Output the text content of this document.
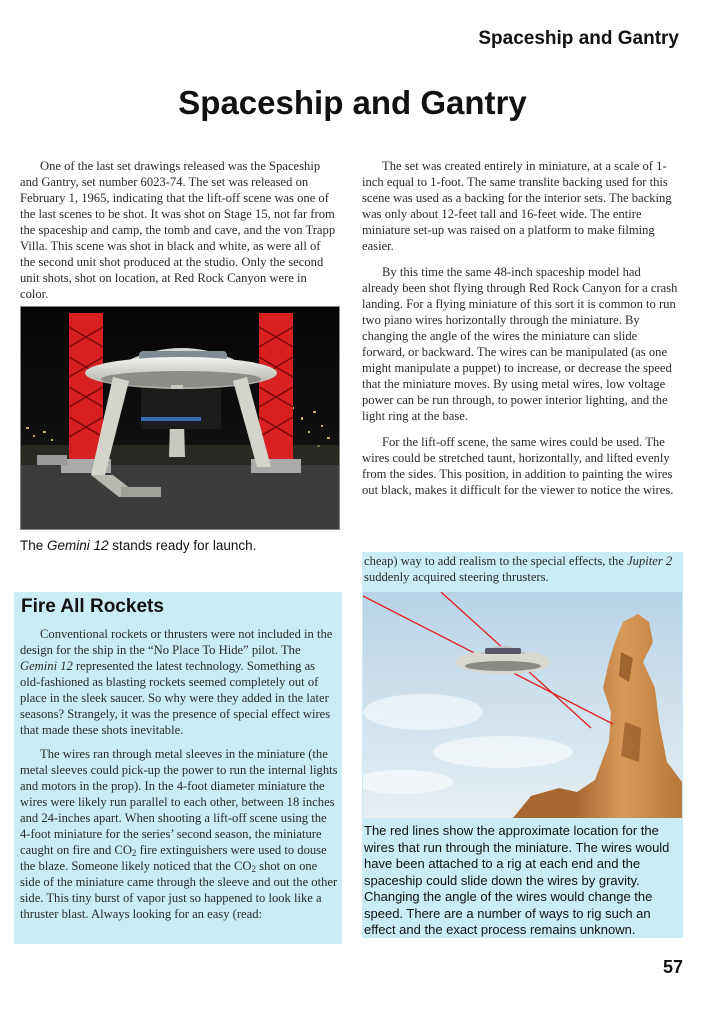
Spaceship and Gantry
Spaceship and Gantry

One of the last set drawings released was the Spaceship and Gantry, set number 6023-74. The set was released on February 1, 1965, indicating that the lift-off scene was one of the last scenes to be shot. It was shot on Stage 15, not far from the spaceship and camp, the tomb and cave, and the von Trapp Villa. This scene was shot in black and white, as were all of the second unit shot produced at the studio. Only the second unit shots, shot on location, at Red Rock Canyon were in color.

The set was created entirely in miniature, at a scale of 1-inch equal to 1-foot. The same translite backing used for this scene was used as a backing for the interior sets. The backing was only about 12-feet tall and 16-feet wide. The entire miniature set-up was raised on a platform to make filming easier.

By this time the same 48-inch spaceship model had already been shot flying through Red Rock Canyon for a crash landing. For a flying miniature of this sort it is common to run two piano wires horizontally through the miniature. By changing the angle of the wires the miniature can slide forward, or backward. The wires can be manipulated (as one might manipulate a puppet) to increase, or decrease the speed that the miniature moves. By using metal wires, low voltage power can be run through, to power interior lighting, and the light ring at the base.

For the lift-off scene, the same wires could be used. The wires could be stretched taunt, horizontally, and lifted evenly from the sides. This position, in addition to painting the wires out black, makes it difficult for the viewer to notice the wires.

The Gemini 12 stands ready for launch.
Fire All Rockets

Conventional rockets or thrusters were not included in the design for the ship in the “No Place To Hide” pilot. The Gemini 12 represented the latest technology. Something as old-fashioned as blasting rockets seemed completely out of place in the sleek saucer. So why were they added in the later seasons? Strangely, it was the presence of special effect wires that made these shots inevitable.

The wires ran through metal sleeves in the miniature (the metal sleeves could pick-up the power to run the internal lights and motors in the prop). In the 4-foot diameter miniature the wires were likely run parallel to each other, between 18 inches and 24-inches apart. When shooting a lift-off scene using the 4-foot miniature for the series’ second season, the miniature caught on fire and $CO_2$ fire extinguishers were used to douse the blaze. Someone likely noticed that the $CO_2$ shot on one side of the miniature came through the sleeve and out the other side. This tiny burst of vapor just so happened to look like a thruster blast. Always looking for an easy (read:

cheap) way to add realism to the special effects, the Jupiter 2 suddenly acquired steering thrusters.
The red lines show the approximate location for the wires that run through the miniature. The wires would have been attached to a rig at each end and the spaceship could slide down the wires by gravity. Changing the angle of the wires would change the speed. There are a number of ways to rig such an effect and the exact process remains unknown.
57
